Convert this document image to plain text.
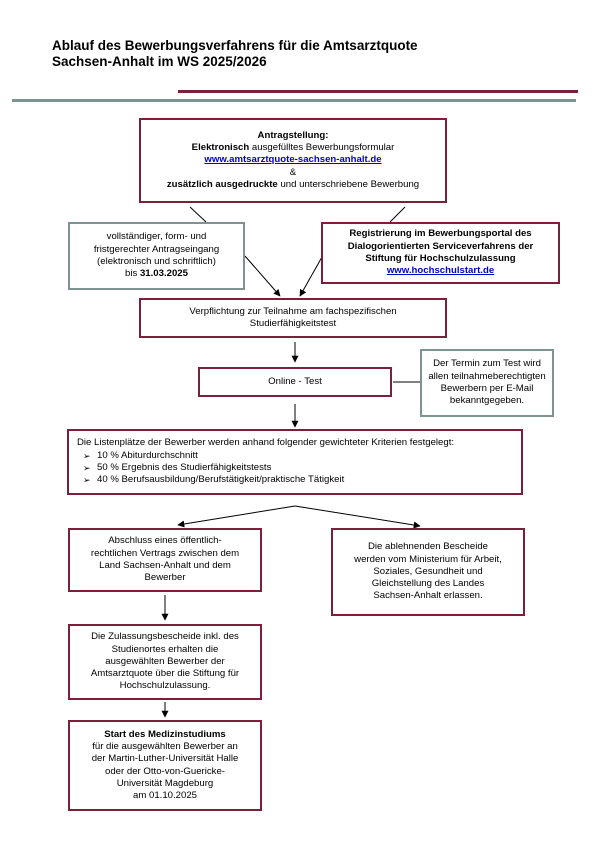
Ablauf des Bewerbungsverfahrens für die Amtsarztquote
Sachsen-Anhalt im WS 2025/2026
Antragstellung:
Elektronisch ausgefülltes Bewerbungsformular
www.amtsarztquote-sachsen-anhalt.de
&
zusätzlich ausgedruckte und unterschriebene Bewerbung
vollständiger, form- und
fristgerechter Antragseingang
(elektronisch und schriftlich)
bis 31.03.2025
Registrierung im Bewerbungsportal des
Dialogorientierten Serviceverfahrens der
Stiftung für Hochschulzulassung
www.hochschulstart.de
Verpflichtung zur Teilnahme am fachspezifischen
Studierfähigkeitstest
Online - Test
Der Termin zum Test wird
allen teilnahmeberechtigten
Bewerbern per E-Mail
bekanntgegeben.
Die Listenplätze der Bewerber werden anhand folgender gewichteter Kriterien festgelegt:
➢ 10 % Abiturdurchschnitt
➢ 50 % Ergebnis des Studierfähigkeitstests
➢ 40 % Berufsausbildung/Berufstätigkeit/praktische Tätigkeit
Abschluss eines öffentlich-
rechtlichen Vertrags zwischen dem
Land Sachsen-Anhalt und dem
Bewerber
Die ablehnenden Bescheide
werden vom Ministerium für Arbeit,
Soziales, Gesundheit und
Gleichstellung des Landes
Sachsen-Anhalt erlassen.
Die Zulassungsbescheide inkl. des
Studienortes erhalten die
ausgewählten Bewerber der
Amtsarztquote über die Stiftung für
Hochschulzulassung.
Start des Medizinstudiums
für die ausgewählten Bewerber an
der Martin-Luther-Universität Halle
oder der Otto-von-Guericke-
Universität Magdeburg
am 01.10.2025
